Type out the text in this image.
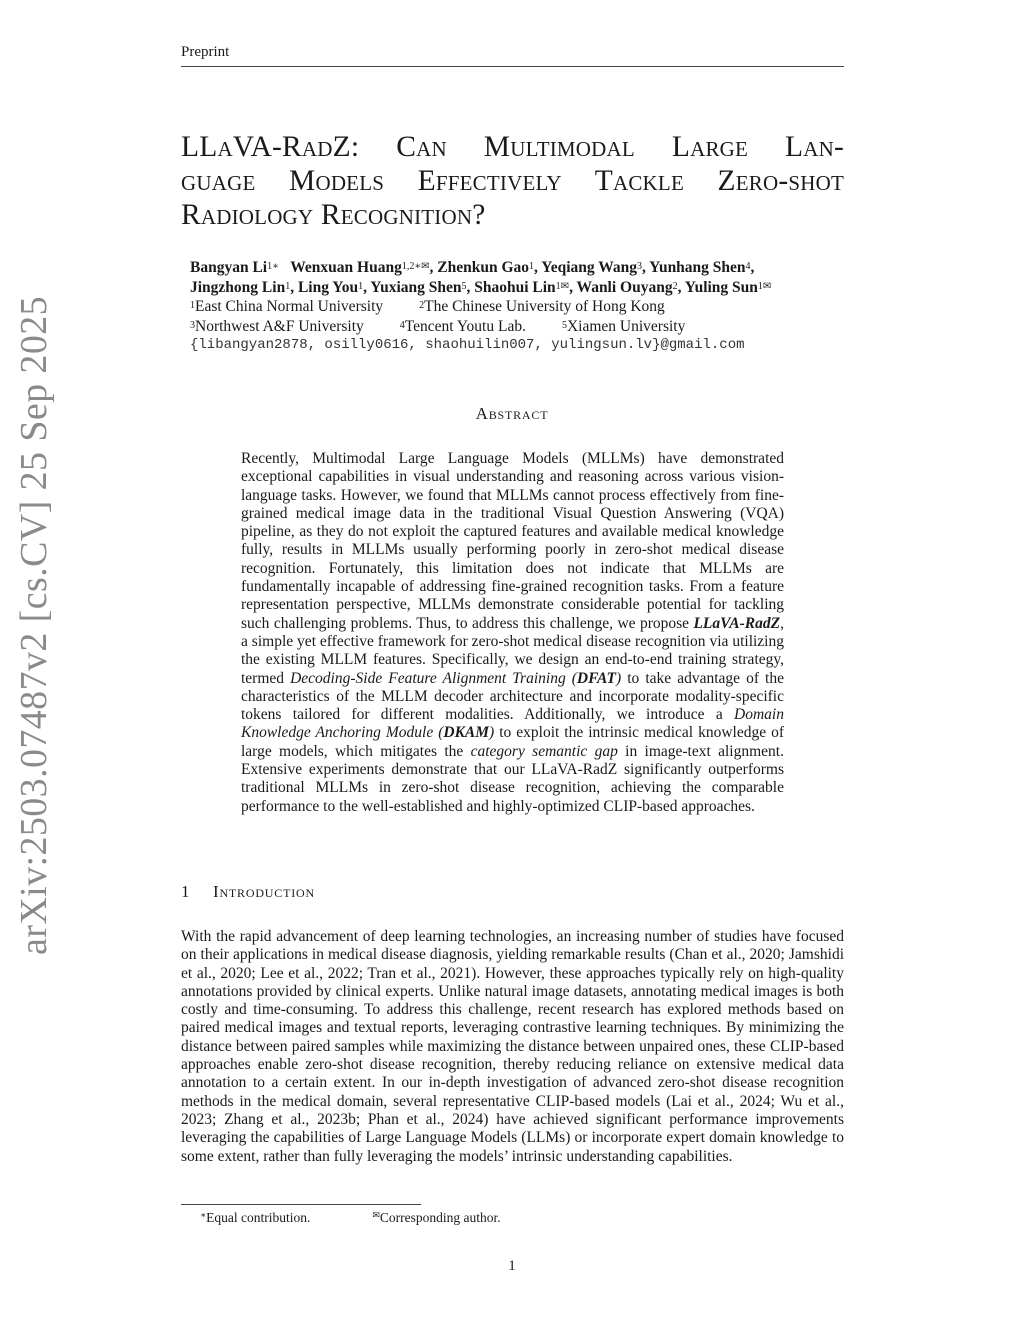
Preprint
LLaVA-RadZ: Can Multimodal Large Lan-
guage Models Effectively Tackle Zero-shot
Radiology Recognition?
Bangyan $Li^{1∗}$ Wenxuan Huang$^{1,2∗✉}$, Zhenkun Gao$^1$, Yeqiang Wang$^3$, Yunhang Shen$^4$,
Jingzhong Lin$^1$, Ling You$^1$, Yuxiang Shen$^5$, Shaohui Lin$^{1✉}$, Wanli Ouyang$^2$, Yuling Sun$^{1✉}$
$^1$East China Normal University	$^2$The Chinese University of Hong Kong
$^3$Northwest A&F University	$^4$Tencent Youtu Lab.	$^5$Xiamen University
{libangyan2878, osilly0616, shaohuilin007, yulingsun.lv}@gmail.com
Abstract
Recently, Multimodal Large Language Models (MLLMs) have demonstrated exceptional capabilities in visual understanding and reasoning across various vision-language tasks. However, we found that MLLMs cannot process effectively from fine-grained medical image data in the traditional Visual Question Answering (VQA) pipeline, as they do not exploit the captured features and available medical knowledge fully, results in MLLMs usually performing poorly in zero-shot medical disease recognition. Fortunately, this limitation does not indicate that MLLMs are fundamentally incapable of addressing fine-grained recognition tasks. From a feature representation perspective, MLLMs demonstrate considerable potential for tackling such challenging problems. Thus, to address this challenge, we propose LLaVA-RadZ, a simple yet effective framework for zero-shot medical disease recognition via utilizing the existing MLLM features. Specifically, we design an end-to-end training strategy, termed Decoding-Side Feature Alignment Training (DFAT) to take advantage of the characteristics of the MLLM decoder architecture and incorporate modality-specific tokens tailored for different modalities. Additionally, we introduce a Domain Knowledge Anchoring Module (DKAM) to exploit the intrinsic medical knowledge of large models, which mitigates the category semantic gap in image-text alignment. Extensive experiments demonstrate that our LLaVA-RadZ significantly outperforms traditional MLLMs in zero-shot disease recognition, achieving the comparable performance to the well-established and highly-optimized CLIP-based approaches.
arXiv:2503.07487v2 [cs.CV] 25 Sep 2025	1 Introduction
With the rapid advancement of deep learning technologies, an increasing number of studies have focused on their applications in medical disease diagnosis, yielding remarkable results (Chan et al., 2020; Jamshidi et al., 2020; Lee et al., 2022; Tran et al., 2021). However, these approaches typically rely on high-quality annotations provided by clinical experts. Unlike natural image datasets, annotating medical images is both costly and time-consuming. To address this challenge, recent research has explored methods based on paired medical images and textual reports, leveraging contrastive learning techniques. By minimizing the distance between paired samples while maximizing the distance between unpaired ones, these CLIP-based approaches enable zero-shot disease recognition, thereby reducing reliance on extensive medical data annotation to a certain extent. In our in-depth investigation of advanced zero-shot disease recognition methods in the medical domain, several representative CLIP-based models (Lai et al., 2024; Wu et al., 2023; Zhang et al., 2023b; Phan et al., 2024) have achieved significant performance improvements leveraging the capabilities of Large Language Models (LLMs) or incorporate expert domain knowledge to some extent, rather than fully leveraging the models’ intrinsic understanding capabilities.
∗Equal contribution.	✉Corresponding author.
1
